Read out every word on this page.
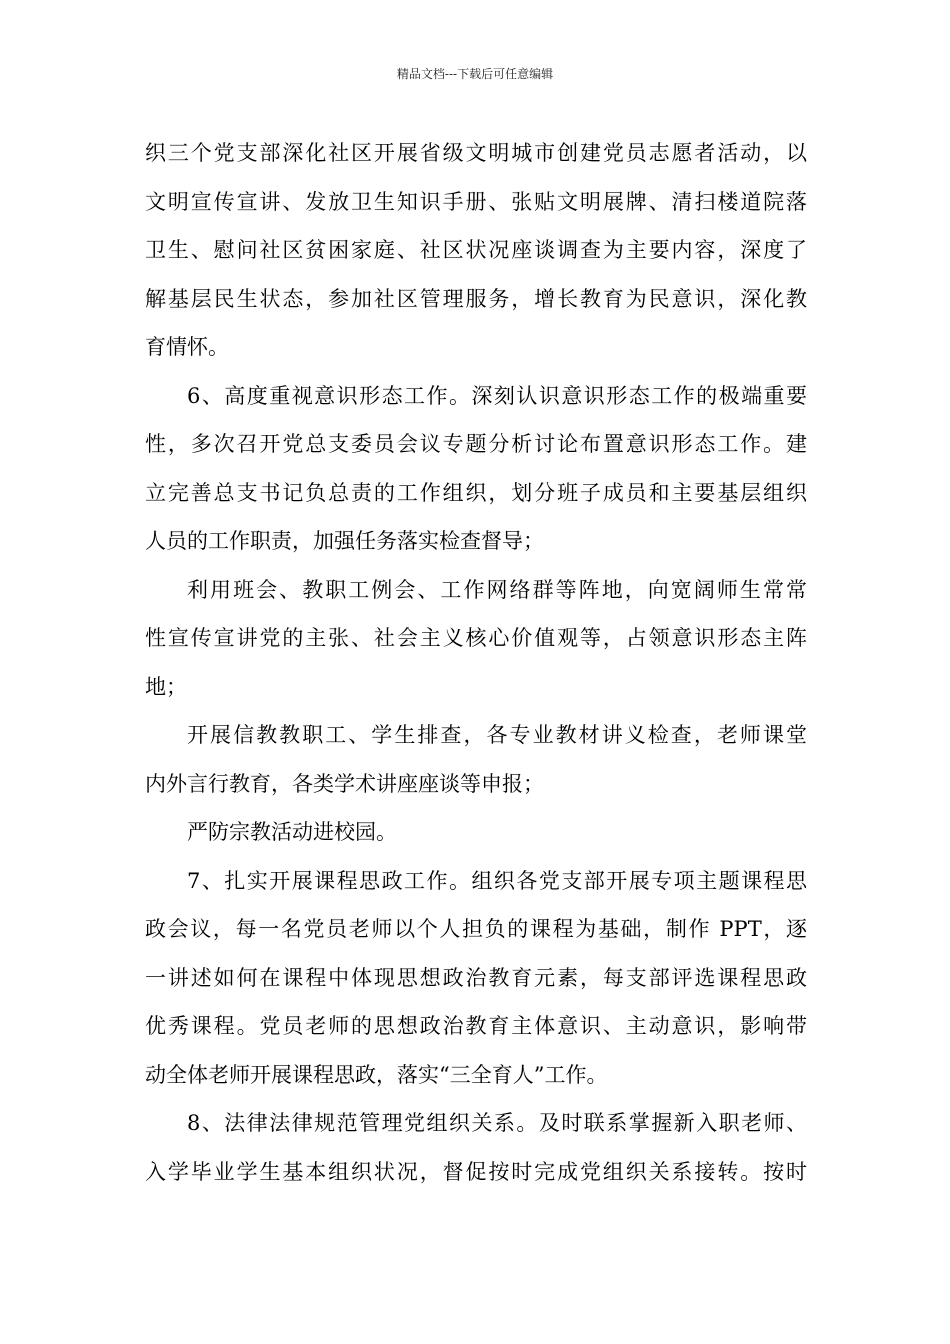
精品文档---下载后可任意编辑
织三个党支部深化社区开展省级文明城市创建党员志愿者活动，以
文明宣传宣讲、发放卫生知识手册、张贴文明展牌、清扫楼道院落
卫生、慰问社区贫困家庭、社区状况座谈调查为主要内容，深度了
解基层民生状态，参加社区管理服务，增长教育为民意识，深化教
育情怀。
6、高度重视意识形态工作。深刻认识意识形态工作的极端重要
性，多次召开党总支委员会议专题分析讨论布置意识形态工作。建
立完善总支书记负总责的工作组织，划分班子成员和主要基层组织
人员的工作职责，加强任务落实检查督导；
利用班会、教职工例会、工作网络群等阵地，向宽阔师生常常
性宣传宣讲党的主张、社会主义核心价值观等，占领意识形态主阵
地；
开展信教教职工、学生排查，各专业教材讲义检查，老师课堂
内外言行教育，各类学术讲座座谈等申报；
严防宗教活动进校园。
7、扎实开展课程思政工作。组织各党支部开展专项主题课程思
政会议，每一名党员老师以个人担负的课程为基础，制作 PPT，逐
一讲述如何在课程中体现思想政治教育元素，每支部评选课程思政
优秀课程。党员老师的思想政治教育主体意识、主动意识，影响带
动全体老师开展课程思政，落实“三全育人”工作。
8、法律法律规范管理党组织关系。及时联系掌握新入职老师、
入学毕业学生基本组织状况，督促按时完成党组织关系接转。按时
